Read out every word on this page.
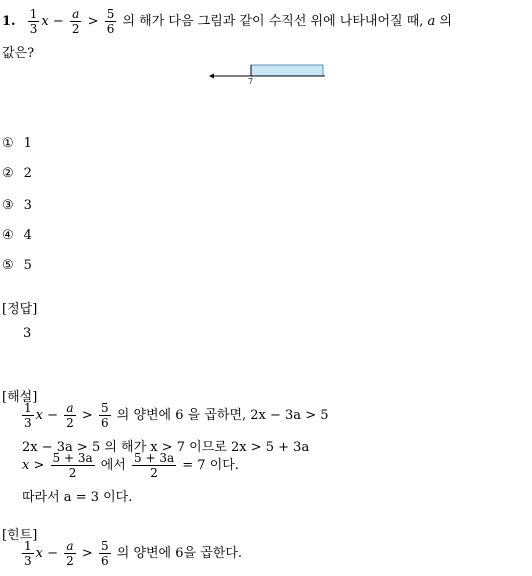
1. $\frac{1}{3}$ $x - \frac{a}{2} > \frac{5}{6}$ 의 해가 다음 그림과 같이 수직선 위에 나타내어질 때, a 의
값은?
7
① 1
② 2
③ 3
④ 4
⑤ 5
[정답]
3
[해설]
$\frac{1}{3}$ $x - \frac{a}{2} > \frac{5}{6}$ 의 양변에 6 을 곱하면, 2x − 3a > 5
2x − 3a > 5 의 해가 x > 7 이므로 2x > 5 + 3a
$x > \frac{5 + 3a}{2}$ 에서 $\frac{5 + 3a}{2} = 7$ 이다.
따라서 a = 3 이다.
[힌트]
$\frac{1}{3}$ $x - \frac{a}{2} > \frac{5}{6}$ 의 양변에 6을 곱한다.
